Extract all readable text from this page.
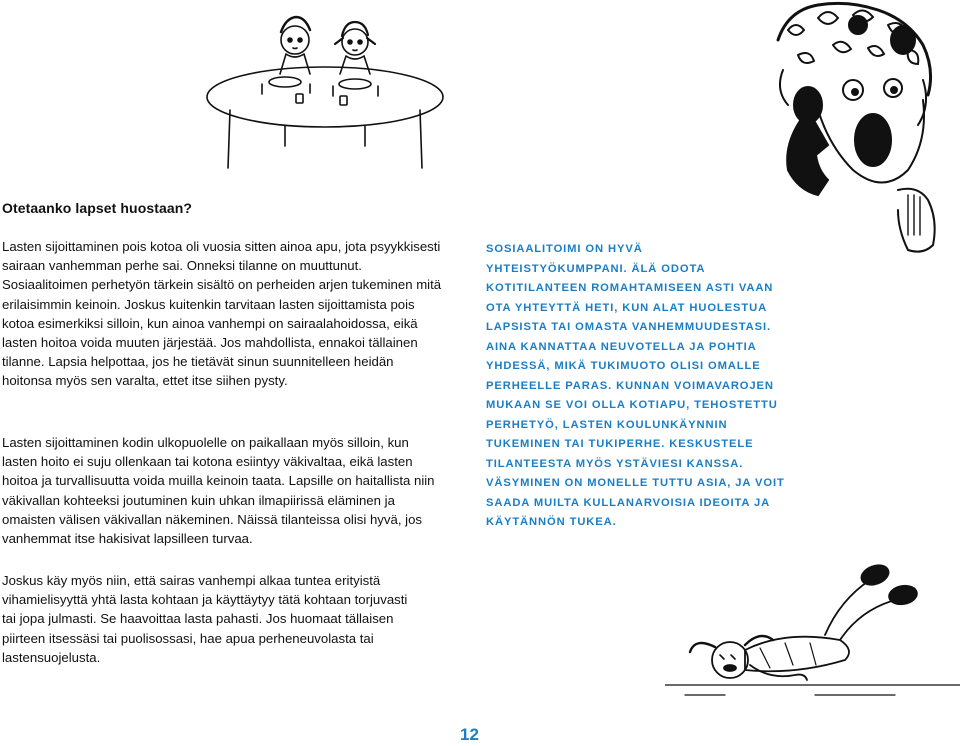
Otetaanko lapset huostaan?

Lasten sijoittaminen pois kotoa oli vuosia sitten ainoa apu, jota psyykkisesti sairaan vanhemman perhe sai. Onneksi tilanne on muuttunut. Sosiaalitoimen perhetyön tärkein sisältö on perheiden arjen tukeminen mitä erilaisimmin keinoin. Joskus kuitenkin tarvitaan lasten sijoittamista pois kotoa esimerkiksi silloin, kun ainoa vanhempi on sairaalahoidossa, eikä lasten hoitoa voida muuten järjestää. Jos mahdollista, ennakoi tällainen tilanne. Lapsia helpottaa, jos he tietävät sinun suunnitelleen heidän hoitonsa myös sen varalta, ettet itse siihen pysty.

Lasten sijoittaminen kodin ulkopuolelle on paikallaan myös silloin, kun lasten hoito ei suju ollenkaan tai kotona esiintyy väkivaltaa, eikä lasten hoitoa ja turvallisuutta voida muilla keinoin taata. Lapsille on haitallista niin väkivallan kohteeksi joutuminen kuin uhkan ilmapiirissä eläminen ja omaisten välisen väkivallan näkeminen. Näissä tilanteissa olisi hyvä, jos vanhemmat itse hakisivat lapsilleen turvaa.

Joskus käy myös niin, että sairas vanhempi alkaa tuntea erityistä vihamielisyyttä yhtä lasta kohtaan ja käyttäytyy tätä kohtaan torjuvasti tai jopa julmasti. Se haavoittaa lasta pahasti. Jos huomaat tällaisen piirteen itsessäsi tai puolisossasi, hae apua perheneuvolasta tai lastensuojelusta.

SOSIAALITOIMI ON HYVÄ YHTEISTYÖKUMPPANI. ÄLÄ ODOTA KOTITILANTEEN ROMAHTAMISEEN ASTI VAAN OTA YHTEYTTÄ HETI, KUN ALAT HUOLESTUA LAPSISTA TAI OMASTA VANHEMMUUDESTASI. AINA KANNATTAA NEUVOTELLA JA POHTIA YHDESSÄ, MIKÄ TUKIMUOTO OLISI OMALLE PERHEELLE PARAS. KUNNAN VOIMAVAROJEN MUKAAN SE VOI OLLA KOTIAPU, TEHOSTETTU PERHETYÖ, LASTEN KOULUNKÄYNNIN TUKEMINEN TAI TUKIPERHE. KESKUSTELE TILANTEESTA MYÖS YSTÄVIESI KANSSA. VÄSYMINEN ON MONELLE TUTTU ASIA, JA VOIT SAADA MUILTA KULLANARVOISIA IDEOITA JA KÄYTÄNNÖN TUKEA.
12
